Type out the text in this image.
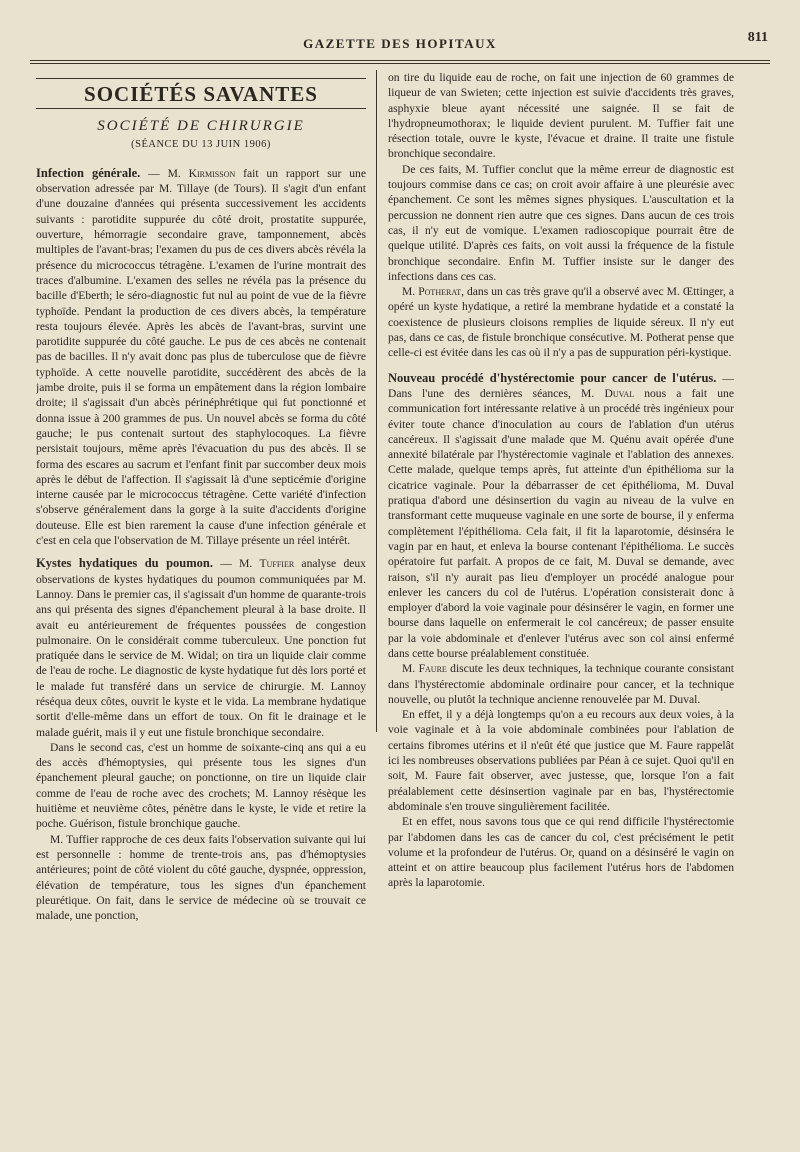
GAZETTE DES HOPITAUX	811
SOCIÉTÉS SAVANTES
SOCIÉTÉ DE CHIRURGIE
(SÉANCE DU 13 JUIN 1906)

Infection générale. — M. Kirmisson fait un rapport sur une observation adressée par M. Tillaye (de Tours). Il s'agit d'un enfant d'une douzaine d'années qui présenta successivement les accidents suivants : parotidite suppurée du côté droit, prostatite suppurée, ouverture, hémorragie secondaire grave, tamponnement, abcès multiples de l'avant-bras; l'examen du pus de ces divers abcès révéla la présence du micrococcus tétragène. L'examen de l'urine montrait des traces d'albumine. L'examen des selles ne révéla pas la présence du bacille d'Eberth; le séro-diagnostic fut nul au point de vue de la fièvre typhoïde. Pendant la production de ces divers abcès, la température resta toujours élevée. Après les abcès de l'avant-bras, survint une parotidite suppurée du côté gauche. Le pus de ces abcès ne contenait pas de bacilles. Il n'y avait donc pas plus de tuberculose que de fièvre typhoïde. A cette nouvelle parotidite, succédèrent des abcès de la jambe droite, puis il se forma un empâtement dans la région lombaire droite; il s'agissait d'un abcès périnéphrétique qui fut ponctionné et donna issue à 200 grammes de pus. Un nouvel abcès se forma du côté gauche; le pus contenait surtout des staphylocoques. La fièvre persistait toujours, même après l'évacuation du pus des abcès. Il se forma des escares au sacrum et l'enfant finit par succomber deux mois après le début de l'affection. Il s'agissait là d'une septicémie d'origine interne causée par le micrococcus tétragène. Cette variété d'infection s'observe généralement dans la gorge à la suite d'accidents d'origine douteuse. Elle est bien rarement la cause d'une infection générale et c'est en cela que l'observation de M. Tillaye présente un réel intérêt.

Kystes hydatiques du poumon. — M. Tuffier analyse deux observations de kystes hydatiques du poumon communiquées par M. Lannoy. Dans le premier cas, il s'agissait d'un homme de quarante-trois ans qui présenta des signes d'épanchement pleural à la base droite. Il avait eu antérieurement de fréquentes poussées de congestion pulmonaire. On le considérait comme tuberculeux. Une ponction fut pratiquée dans le service de M. Widal; on tira un liquide clair comme de l'eau de roche. Le diagnostic de kyste hydatique fut dès lors porté et le malade fut transféré dans un service de chirurgie. M. Lannoy réséqua deux côtes, ouvrit le kyste et le vida. La membrane hydatique sortit d'elle-même dans un effort de toux. On fit le drainage et le malade guérit, mais il y eut une fistule bronchique secondaire.

Dans le second cas, c'est un homme de soixante-cinq ans qui a eu des accès d'hémoptysies, qui présente tous les signes d'un épanchement pleural gauche; on ponctionne, on tire un liquide clair comme de l'eau de roche avec des crochets; M. Lannoy résèque les huitième et neuvième côtes, pénètre dans le kyste, le vide et retire la poche. Guérison, fistule bronchique gauche.

M. Tuffier rapproche de ces deux faits l'observation suivante qui lui est personnelle : homme de trente-trois ans, pas d'hémoptysies antérieures; point de côté violent du côté gauche, dyspnée, oppression, élévation de température, tous les signes d'un épanchement pleurétique. On fait, dans le service de médecine où se trouvait ce malade, une ponction,

on tire du liquide eau de roche, on fait une injection de 60 grammes de liqueur de van Swieten; cette injection est suivie d'accidents très graves, asphyxie bleue ayant nécessité une saignée. Il se fait de l'hydropneumothorax; le liquide devient purulent. M. Tuffier fait une résection totale, ouvre le kyste, l'évacue et draine. Il traite une fistule bronchique secondaire.

De ces faits, M. Tuffier conclut que la même erreur de diagnostic est toujours commise dans ce cas; on croit avoir affaire à une pleurésie avec épanchement. Ce sont les mêmes signes physiques. L'auscultation et la percussion ne donnent rien autre que ces signes. Dans aucun de ces trois cas, il n'y eut de vomique. L'examen radioscopique pourrait être de quelque utilité. D'après ces faits, on voit aussi la fréquence de la fistule bronchique secondaire. Enfin M. Tuffier insiste sur le danger des infections dans ces cas.

M. Potherat, dans un cas très grave qu'il a observé avec M. Œttinger, a opéré un kyste hydatique, a retiré la membrane hydatide et a constaté la coexistence de plusieurs cloisons remplies de liquide séreux. Il n'y eut pas, dans ce cas, de fistule bronchique consécutive. M. Potherat pense que celle-ci est évitée dans les cas où il n'y a pas de suppuration péri-kystique.

Nouveau procédé d'hystérectomie pour cancer de l'utérus. — Dans l'une des dernières séances, M. Duval nous a fait une communication fort intéressante relative à un procédé très ingénieux pour éviter toute chance d'inoculation au cours de l'ablation d'un utérus cancéreux. Il s'agissait d'une malade que M. Quénu avait opérée d'une annexité bilatérale par l'hystérectomie vaginale et l'ablation des annexes. Cette malade, quelque temps après, fut atteinte d'un épithélioma sur la cicatrice vaginale. Pour la débarrasser de cet épithélioma, M. Duval pratiqua d'abord une désinsertion du vagin au niveau de la vulve en transformant cette muqueuse vaginale en une sorte de bourse, il y enferma complètement l'épithélioma. Cela fait, il fit la laparotomie, désinséra le vagin par en haut, et enleva la bourse contenant l'épithélioma. Le succès opératoire fut parfait. A propos de ce fait, M. Duval se demande, avec raison, s'il n'y aurait pas lieu d'employer un procédé analogue pour enlever les cancers du col de l'utérus. L'opération consisterait donc à employer d'abord la voie vaginale pour désinsérer le vagin, en former une bourse dans laquelle on enfermerait le col cancéreux; de passer ensuite par la voie abdominale et d'enlever l'utérus avec son col ainsi enfermé dans cette bourse préalablement constituée.

M. Faure discute les deux techniques, la technique courante consistant dans l'hystérectomie abdominale ordinaire pour cancer, et la technique nouvelle, ou plutôt la technique ancienne renouvelée par M. Duval.

En effet, il y a déjà longtemps qu'on a eu recours aux deux voies, à la voie vaginale et à la voie abdominale combinées pour l'ablation de certains fibromes utérins et il n'eût été que justice que M. Faure rappelât ici les nombreuses observations publiées par Péan à ce sujet. Quoi qu'il en soit, M. Faure fait observer, avec justesse, que, lorsque l'on a fait préalablement cette désinsertion vaginale par en bas, l'hystérectomie abdominale s'en trouve singulièrement facilitée.

Et en effet, nous savons tous que ce qui rend difficile l'hystérectomie par l'abdomen dans les cas de cancer du col, c'est précisément le petit volume et la profondeur de l'utérus. Or, quand on a désinséré le vagin on atteint et on attire beaucoup plus facilement l'utérus hors de l'abdomen après la laparotomie.
